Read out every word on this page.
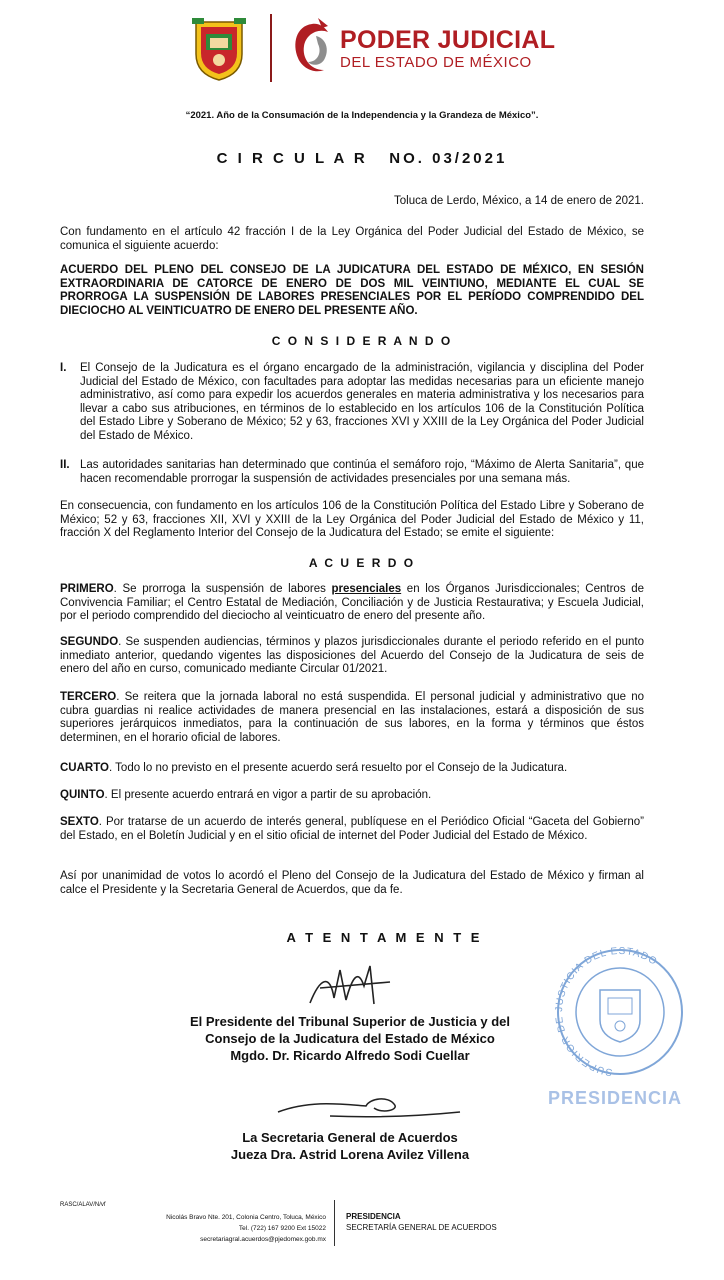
PODER JUDICIAL
DEL ESTADO DE MÉXICO
“2021. Año de la Consumación de la Independencia y la Grandeza de México”.
C I R C U L A R   NO. 03/2021
Toluca de Lerdo, México, a 14 de enero de 2021.

Con fundamento en el artículo 42 fracción I de la Ley Orgánica del Poder Judicial del Estado de México, se comunica el siguiente acuerdo:

ACUERDO DEL PLENO DEL CONSEJO DE LA JUDICATURA DEL ESTADO DE MÉXICO, EN SESIÓN EXTRAORDINARIA DE CATORCE DE ENERO DE DOS MIL VEINTIUNO, MEDIANTE EL CUAL SE PRORROGA LA SUSPENSIÓN DE LABORES PRESENCIALES POR EL PERÍODO COMPRENDIDO DEL DIECIOCHO AL VEINTICUATRO DE ENERO DEL PRESENTE AÑO.

C O N S I D E R A N D O
I. El Consejo de la Judicatura es el órgano encargado de la administración, vigilancia y disciplina del Poder Judicial del Estado de México, con facultades para adoptar las medidas necesarias para un eficiente manejo administrativo, así como para expedir los acuerdos generales en materia administrativa y los necesarios para llevar a cabo sus atribuciones, en términos de lo establecido en los artículos 106 de la Constitución Política del Estado Libre y Soberano de México; 52 y 63, fracciones XVI y XXIII de la Ley Orgánica del Poder Judicial del Estado de México.
II. Las autoridades sanitarias han determinado que continúa el semáforo rojo, “Máximo de Alerta Sanitaria”, que hacen recomendable prorrogar la suspensión de actividades presenciales por una semana más.

En consecuencia, con fundamento en los artículos 106 de la Constitución Política del Estado Libre y Soberano de México; 52 y 63, fracciones XII, XVI y XXIII de la Ley Orgánica del Poder Judicial del Estado de México y 11, fracción X del Reglamento Interior del Consejo de la Judicatura del Estado; se emite el siguiente:

A C U E R D O

PRIMERO. Se prorroga la suspensión de labores presenciales en los Órganos Jurisdiccionales; Centros de Convivencia Familiar; el Centro Estatal de Mediación, Conciliación y de Justicia Restaurativa; y Escuela Judicial, por el periodo comprendido del dieciocho al veinticuatro de enero del presente año.

SEGUNDO. Se suspenden audiencias, términos y plazos jurisdiccionales durante el periodo referido en el punto inmediato anterior, quedando vigentes las disposiciones del Acuerdo del Consejo de la Judicatura de seis de enero del año en curso, comunicado mediante Circular 01/2021.

TERCERO. Se reitera que la jornada laboral no está suspendida. El personal judicial y administrativo que no cubra guardias ni realice actividades de manera presencial en las instalaciones, estará a disposición de sus superiores jerárquicos inmediatos, para la continuación de sus labores, en la forma y términos que éstos determinen, en el horario oficial de labores.

CUARTO. Todo lo no previsto en el presente acuerdo será resuelto por el Consejo de la Judicatura.

QUINTO. El presente acuerdo entrará en vigor a partir de su aprobación.

SEXTO. Por tratarse de un acuerdo de interés general, publíquese en el Periódico Oficial “Gaceta del Gobierno” del Estado, en el Boletín Judicial y en el sitio oficial de internet del Poder Judicial del Estado de México.

Así por unanimidad de votos lo acordó el Pleno del Consejo de la Judicatura del Estado de México y firman al calce el Presidente y la Secretaria General de Acuerdos, que da fe.

A T E N T A M E N T E
El Presidente del Tribunal Superior de Justicia y del
Consejo de la Judicatura del Estado de México
Mgdo. Dr. Ricardo Alfredo Sodi Cuellar
La Secretaria General de Acuerdos
Jueza Dra. Astrid Lorena Avilez Villena
SUPERIOR DE JUSTICIA DEL ESTADO
PRESIDENCIA
RASC/ALAV/N/vf
Nicolás Bravo Nte. 201, Colonia Centro, Toluca, México
Tel. (722) 167 9200 Ext 15022
secretariagral.acuerdos@pjedomex.gob.mx
PRESIDENCIA
SECRETARÍA GENERAL DE ACUERDOS
